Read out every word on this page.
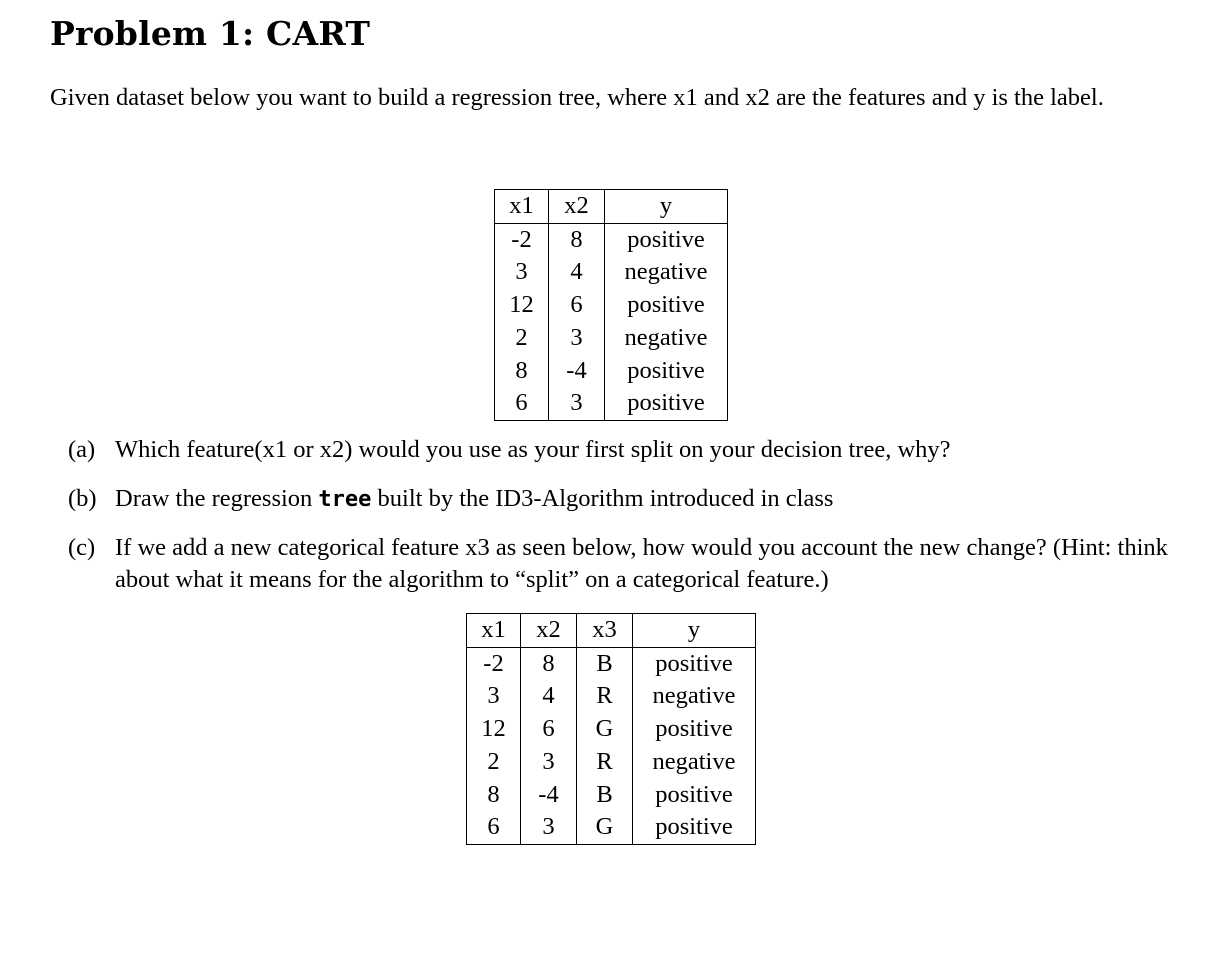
Problem 1: CART

Given dataset below you want to build a regression tree, where x1 and x2 are the features and y is the label.

x1	x2	y
-2	8	positive
3	4	negative
12	6	positive
2	3	negative
8	-4	positive
6	3	positive
(a) Which feature(x1 or x2) would you use as your first split on your decision tree, why?
(b) Draw the regression tree built by the ID3-Algorithm introduced in class
(c) If we add a new categorical feature x3 as seen below, how would you account the new change? (Hint: think about what it means for the algorithm to “split” on a categorical feature.)
x1	x2	x3	y
-2	8	B	positive
3	4	R	negative
12	6	G	positive
2	3	R	negative
8	-4	B	positive
6	3	G	positive
